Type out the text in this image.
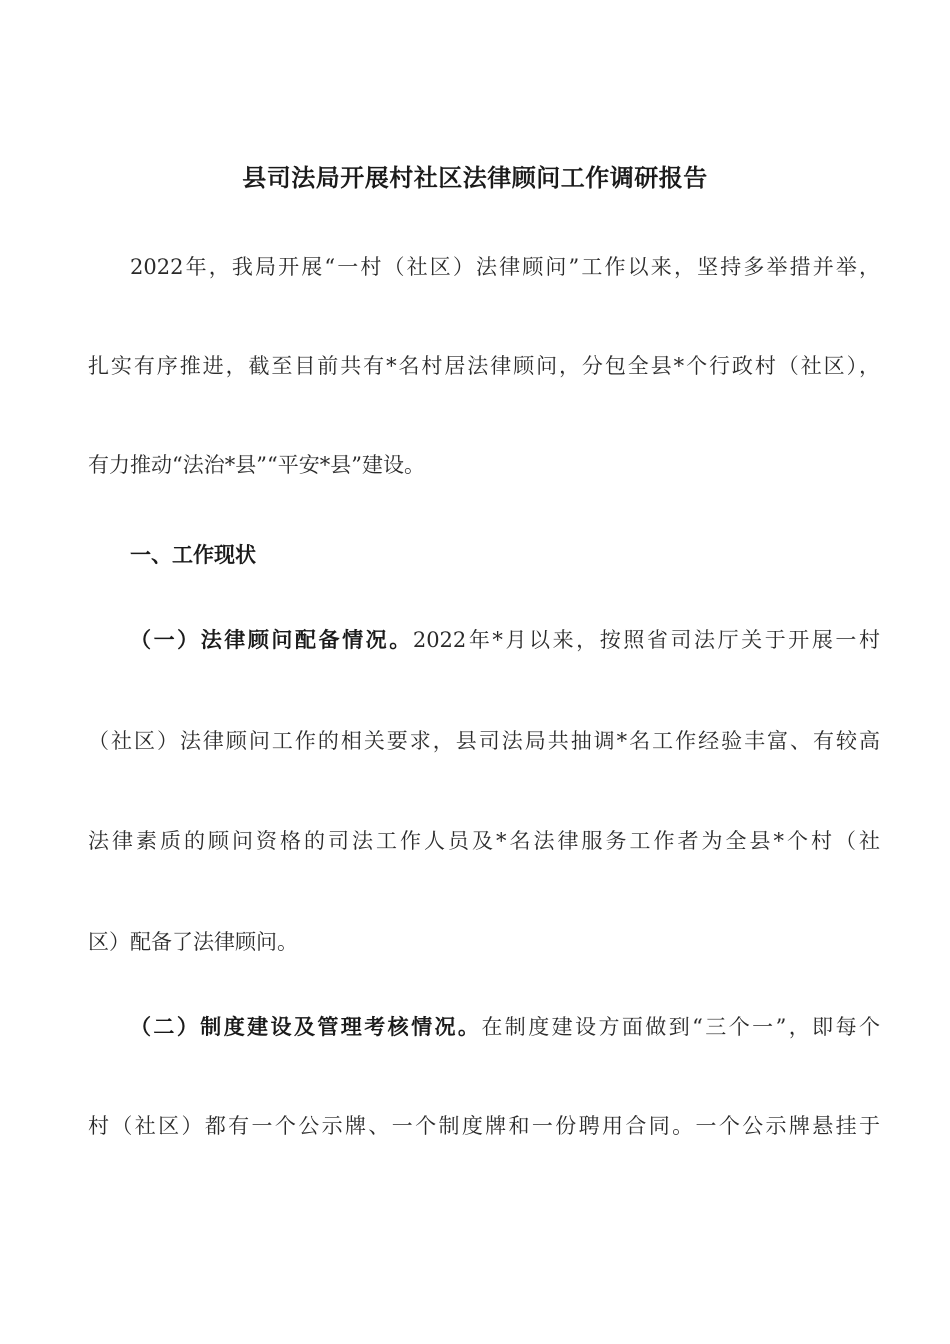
县司法局开展村社区法律顾问工作调研报告
2022年，我局开展“一村（社区）法律顾问”工作以来，坚持多举措并举，
扎实有序推进，截至目前共有*名村居法律顾问，分包全县*个行政村（社区），
有力推动“法治*县”“平安*县”建设。
一、工作现状
（一）法律顾问配备情况。2022年*月以来，按照省司法厅关于开展一村
（社区）法律顾问工作的相关要求，县司法局共抽调*名工作经验丰富、有较高
法律素质的顾问资格的司法工作人员及*名法律服务工作者为全县*个村（社
区）配备了法律顾问。
（二）制度建设及管理考核情况。在制度建设方面做到“三个一”，即每个
村（社区）都有一个公示牌、一个制度牌和一份聘用合同。一个公示牌悬挂于
